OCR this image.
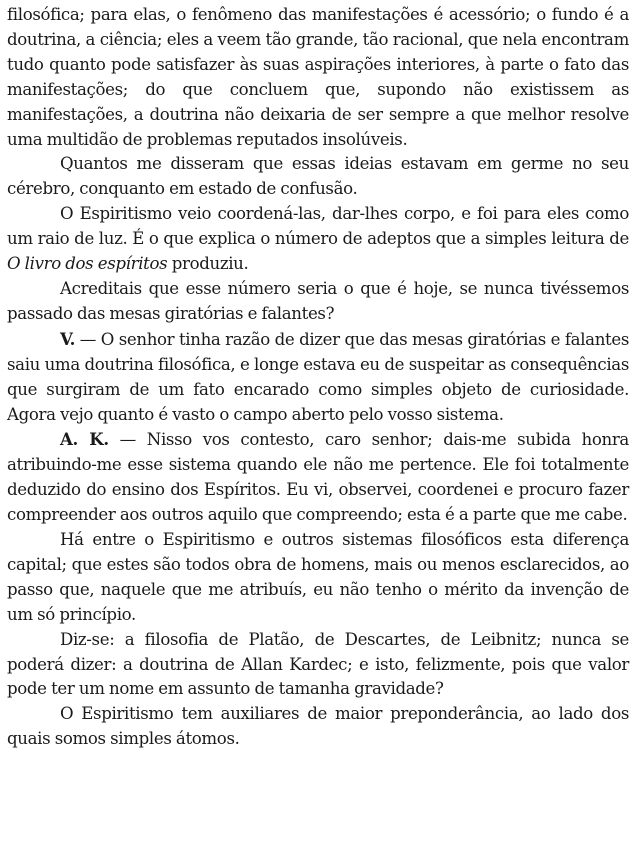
filosófica; para elas, o fenômeno das manifestações é acessório; o fundo é a doutrina, a ciência; eles a veem tão grande, tão racional, que nela encontram tudo quanto pode satisfazer às suas aspirações interiores, à parte o fato das manifestações; do que concluem que, supondo não existissem as manifestações, a doutrina não deixaria de ser sempre a que melhor resolve uma multidão de problemas reputados insolúveis.

Quantos me disseram que essas ideias estavam em germe no seu cérebro, conquanto em estado de confusão.

O Espiritismo veio coordená-las, dar-lhes corpo, e foi para eles como um raio de luz. É o que explica o número de adeptos que a simples leitura de O livro dos espíritos produziu.

Acreditais que esse número seria o que é hoje, se nunca tivéssemos passado das mesas giratórias e falantes?

V. — O senhor tinha razão de dizer que das mesas giratórias e falantes saiu uma doutrina filosófica, e longe estava eu de suspeitar as consequências que surgiram de um fato encarado como simples objeto de curiosidade. Agora vejo quanto é vasto o campo aberto pelo vosso sistema.

A. K. — Nisso vos contesto, caro senhor; dais-me subida honra atribuindo-me esse sistema quando ele não me pertence. Ele foi totalmente deduzido do ensino dos Espíritos. Eu vi, observei, coordenei e procuro fazer compreender aos outros aquilo que compreendo; esta é a parte que me cabe.

Há entre o Espiritismo e outros sistemas filosóficos esta diferença capital; que estes são todos obra de homens, mais ou menos esclarecidos, ao passo que, naquele que me atribuís, eu não tenho o mérito da invenção de um só princípio.

Diz-se: a filosofia de Platão, de Descartes, de Leibnitz; nunca se poderá dizer: a doutrina de Allan Kardec; e isto, felizmente, pois que valor pode ter um nome em assunto de tamanha gravidade?

O Espiritismo tem auxiliares de maior preponderância, ao lado dos quais somos simples átomos.
